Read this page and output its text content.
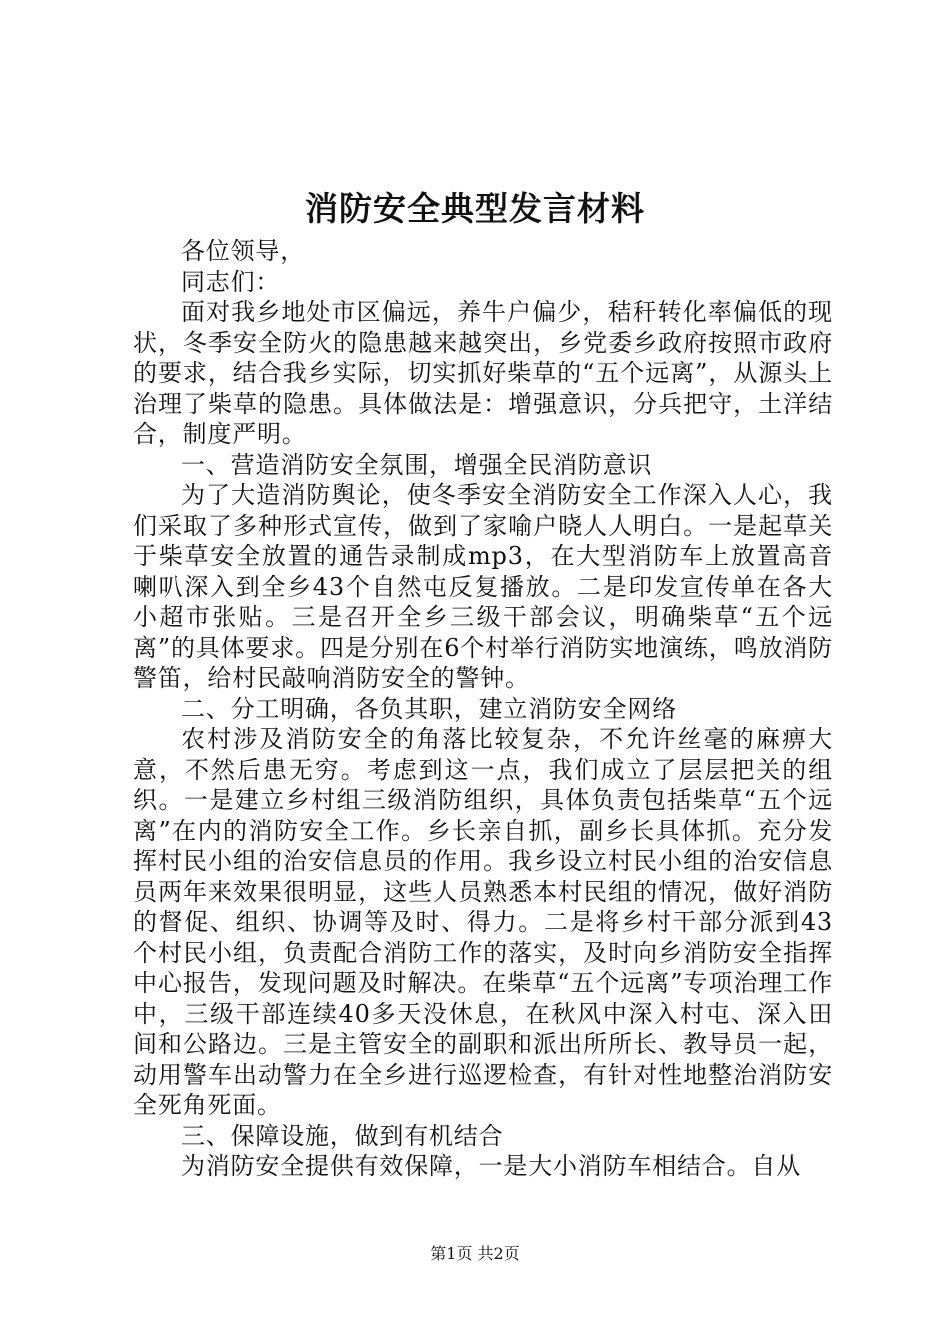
消防安全典型发言材料

各位领导，

同志们：

面对我乡地处市区偏远，养牛户偏少，秸秆转化率偏低的现状，冬季安全防火的隐患越来越突出，乡党委乡政府按照市政府的要求，结合我乡实际，切实抓好柴草的“五个远离”，从源头上治理了柴草的隐患。具体做法是：增强意识，分兵把守，土洋结合，制度严明。

一、营造消防安全氛围，增强全民消防意识

为了大造消防舆论，使冬季安全消防安全工作深入人心，我们采取了多种形式宣传，做到了家喻户晓人人明白。一是起草关于柴草安全放置的通告录制成mp3，在大型消防车上放置高音喇叭深入到全乡43个自然屯反复播放。二是印发宣传单在各大小超市张贴。三是召开全乡三级干部会议，明确柴草“五个远离”的具体要求。四是分别在6个村举行消防实地演练，鸣放消防警笛，给村民敲响消防安全的警钟。

二、分工明确，各负其职，建立消防安全网络

农村涉及消防安全的角落比较复杂，不允许丝毫的麻痹大意，不然后患无穷。考虑到这一点，我们成立了层层把关的组织。一是建立乡村组三级消防组织，具体负责包括柴草“五个远离”在内的消防安全工作。乡长亲自抓，副乡长具体抓。充分发挥村民小组的治安信息员的作用。我乡设立村民小组的治安信息员两年来效果很明显，这些人员熟悉本村民组的情况，做好消防的督促、组织、协调等及时、得力。二是将乡村干部分派到43个村民小组，负责配合消防工作的落实，及时向乡消防安全指挥中心报告，发现问题及时解决。在柴草“五个远离”专项治理工作中，三级干部连续40多天没休息，在秋风中深入村屯、深入田间和公路边。三是主管安全的副职和派出所所长、教导员一起，动用警车出动警力在全乡进行巡逻检查，有针对性地整治消防安全死角死面。

三、保障设施，做到有机结合

为消防安全提供有效保障，一是大小消防车相结合。自从

第1页 共2页
